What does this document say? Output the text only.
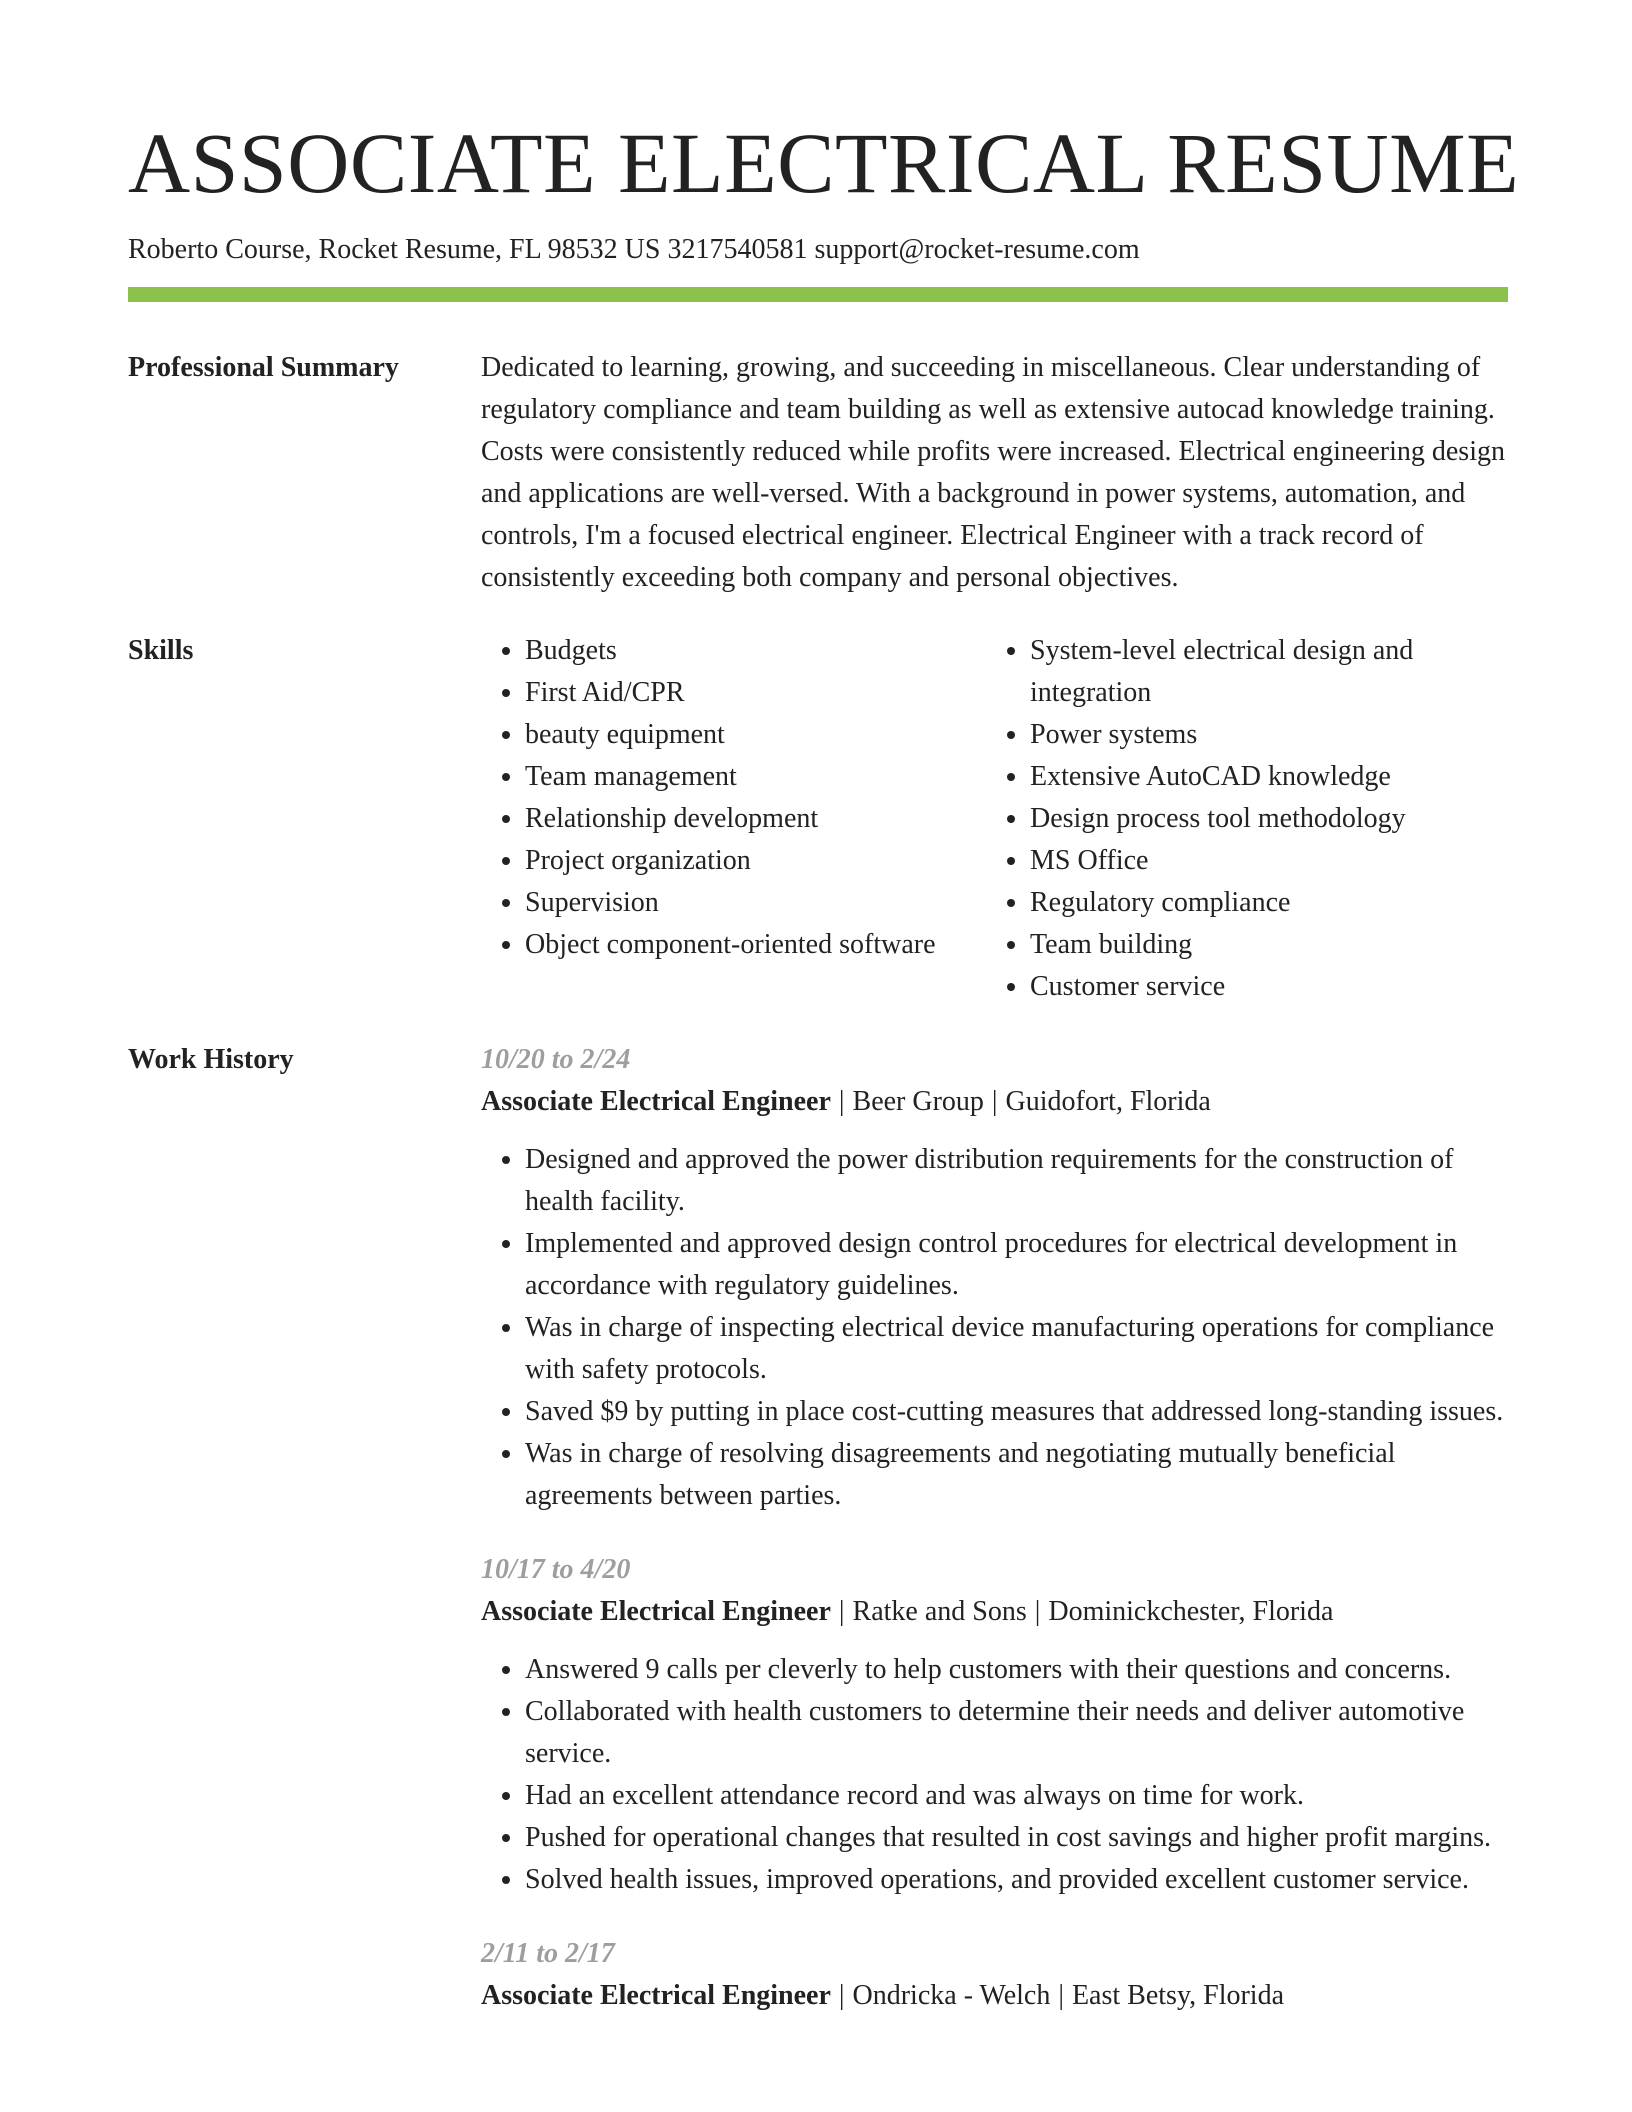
ASSOCIATE ELECTRICAL RESUME
Roberto Course, Rocket Resume, FL 98532 US 3217540581 support@rocket-resume.com
Professional Summary	Dedicated to learning, growing, and succeeding in miscellaneous. Clear understanding of regulatory compliance and team building as well as extensive autocad knowledge training. Costs were consistently reduced while profits were increased. Electrical engineering design and applications are well-versed. With a background in power systems, automation, and controls, I'm a focused electrical engineer. Electrical Engineer with a track record of consistently exceeding both company and personal objectives.

Skills
•	Budgets
• First Aid/CPR
• beauty equipment
• Team management
• Relationship development
• Project organization
• Supervision
• Object component-oriented software
• System-level electrical design and integration
• Power systems
• Extensive AutoCAD knowledge
• Design process tool methodology
• MS Office
• Regulatory compliance
• Team building
• Customer service
Work History	10/20 to 2/24
Associate Electrical Engineer | Beer Group | Guidofort, Florida
• Designed and approved the power distribution requirements for the construction of health facility.
• Implemented and approved design control procedures for electrical development in accordance with regulatory guidelines.
• Was in charge of inspecting electrical device manufacturing operations for compliance with safety protocols.
• Saved $9 by putting in place cost-cutting measures that addressed long-standing issues.
• Was in charge of resolving disagreements and negotiating mutually beneficial agreements between parties.
10/17 to 4/20
Associate Electrical Engineer | Ratke and Sons | Dominickchester, Florida
• Answered 9 calls per cleverly to help customers with their questions and concerns.
• Collaborated with health customers to determine their needs and deliver automotive service.
• Had an excellent attendance record and was always on time for work.
• Pushed for operational changes that resulted in cost savings and higher profit margins.
• Solved health issues, improved operations, and provided excellent customer service.
2/11 to 2/17
Associate Electrical Engineer | Ondricka - Welch | East Betsy, Florida
